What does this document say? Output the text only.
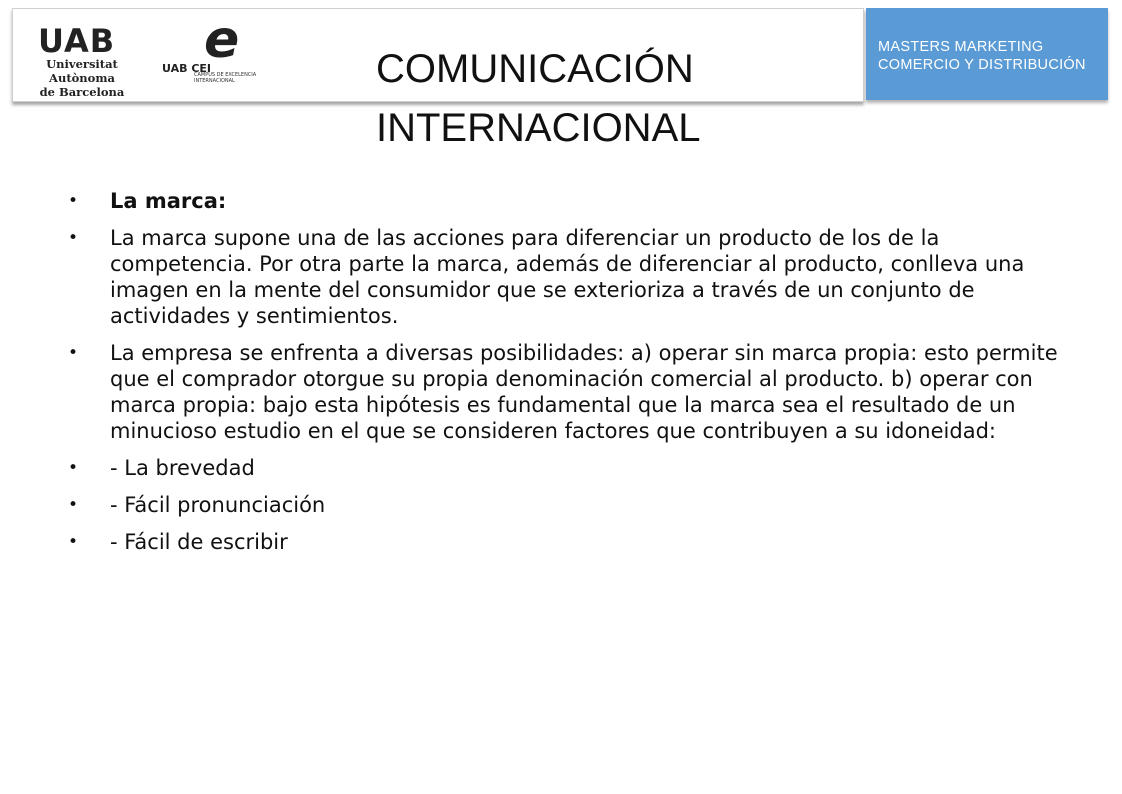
UAB
Universitat Autònoma
de Barcelona
e
UAB CEI
CAMPUS DE EXCELENCIA
INTERNACIONAL
MASTERS MARKETING
COMERCIO Y DISTRIBUCIÓN
COMUNICACIÓN
INTERNACIONAL
• La marca:
• La marca supone una de las acciones para diferenciar un producto de los de la competencia. Por otra parte la marca, además de diferenciar al producto, conlleva una imagen en la mente del consumidor que se exterioriza a través de un conjunto de actividades y sentimientos.
• La empresa se enfrenta a diversas posibilidades: a) operar sin marca propia: esto permite que el comprador otorgue su propia denominación comercial al producto. b) operar con marca propia: bajo esta hipótesis es fundamental que la marca sea el resultado de un minucioso estudio en el que se consideren factores que contribuyen a su idoneidad:
• - La brevedad
• - Fácil pronunciación
• - Fácil de escribir
